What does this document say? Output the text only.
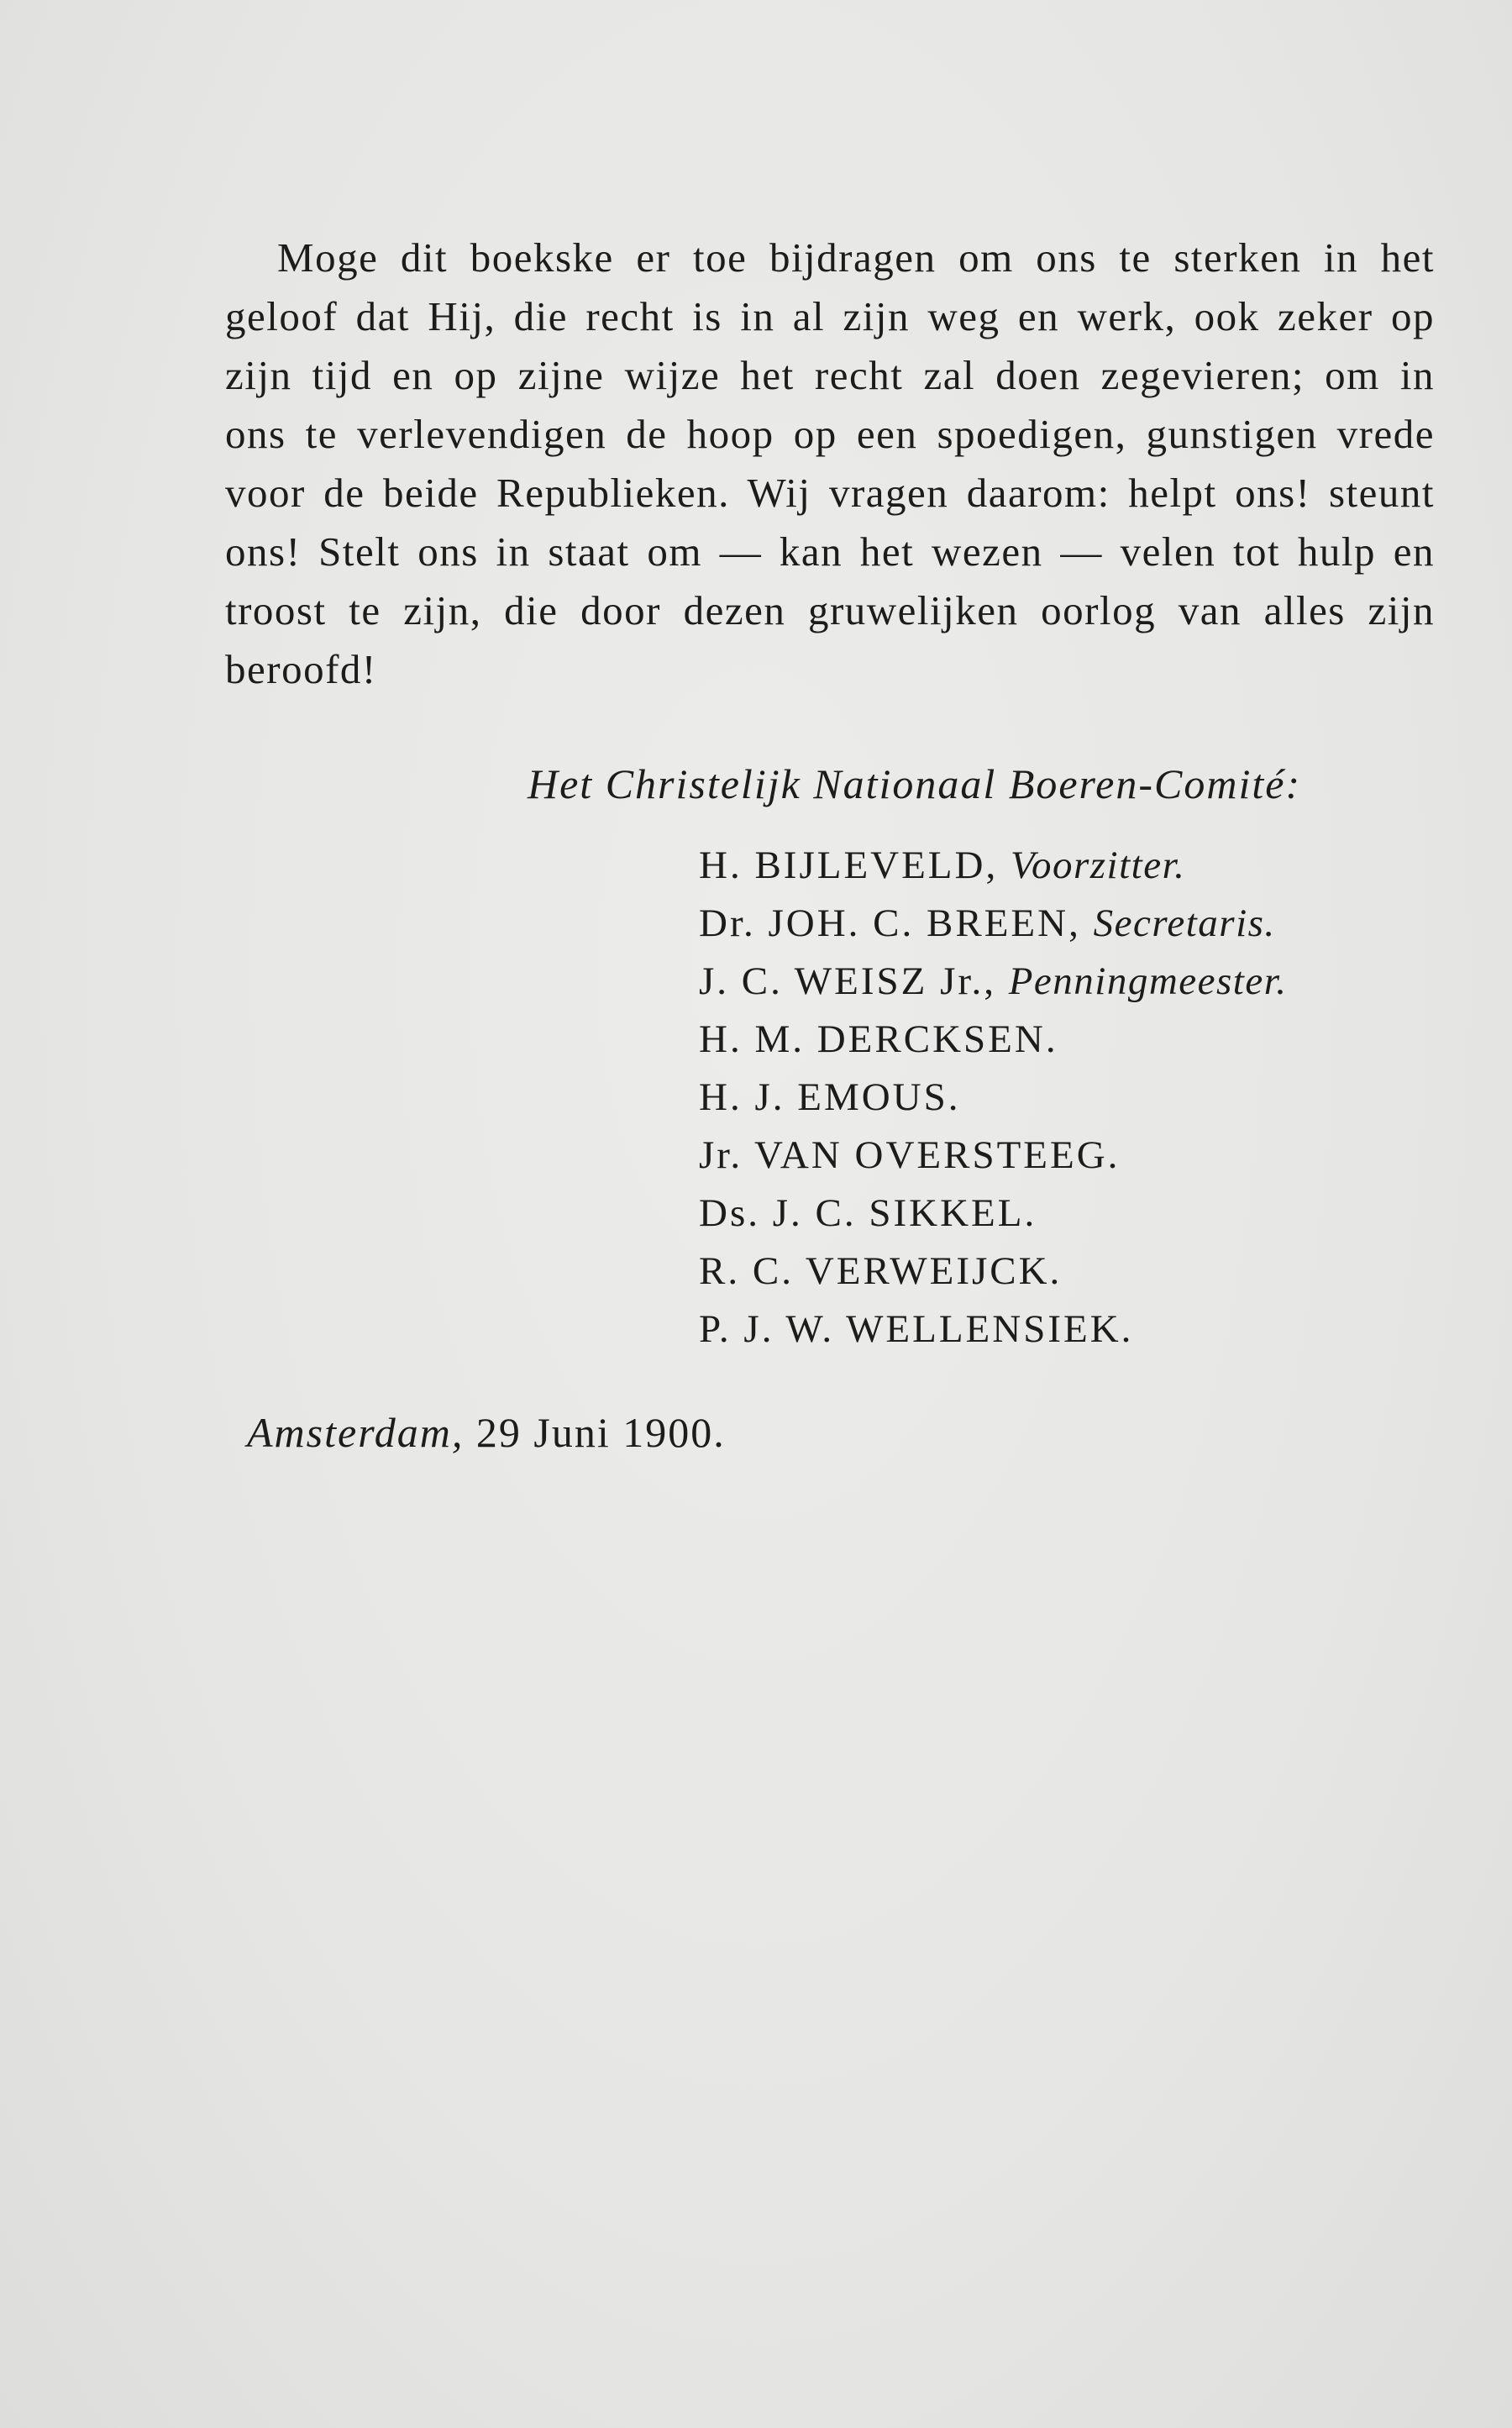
Moge dit boekske er toe bijdragen om ons te sterken in het geloof dat Hij, die recht is in al zijn weg en werk, ook zeker op zijn tijd en op zijne wijze het recht zal doen zegevieren; om in ons te verlevendigen de hoop op een spoedigen, gunstigen vrede voor de beide Republieken. Wij vragen daarom: helpt ons! steunt ons! Stelt ons in staat om — kan het wezen — velen tot hulp en troost te zijn, die door dezen gruwelijken oorlog van alles zijn beroofd!

Het Christelijk Nationaal Boeren-Comité:
H. BIJLEVELD, Voorzitter.
Dr. JOH. C. BREEN, Secretaris.
J. C. WEISZ Jr., Penningmeester.
H. M. DERCKSEN.
H. J. EMOUS.
Jr. VAN OVERSTEEG.
Ds. J. C. SIKKEL.
R. C. VERWEIJCK.
P. J. W. WELLENSIEK.
Amsterdam, 29 Juni 1900.
